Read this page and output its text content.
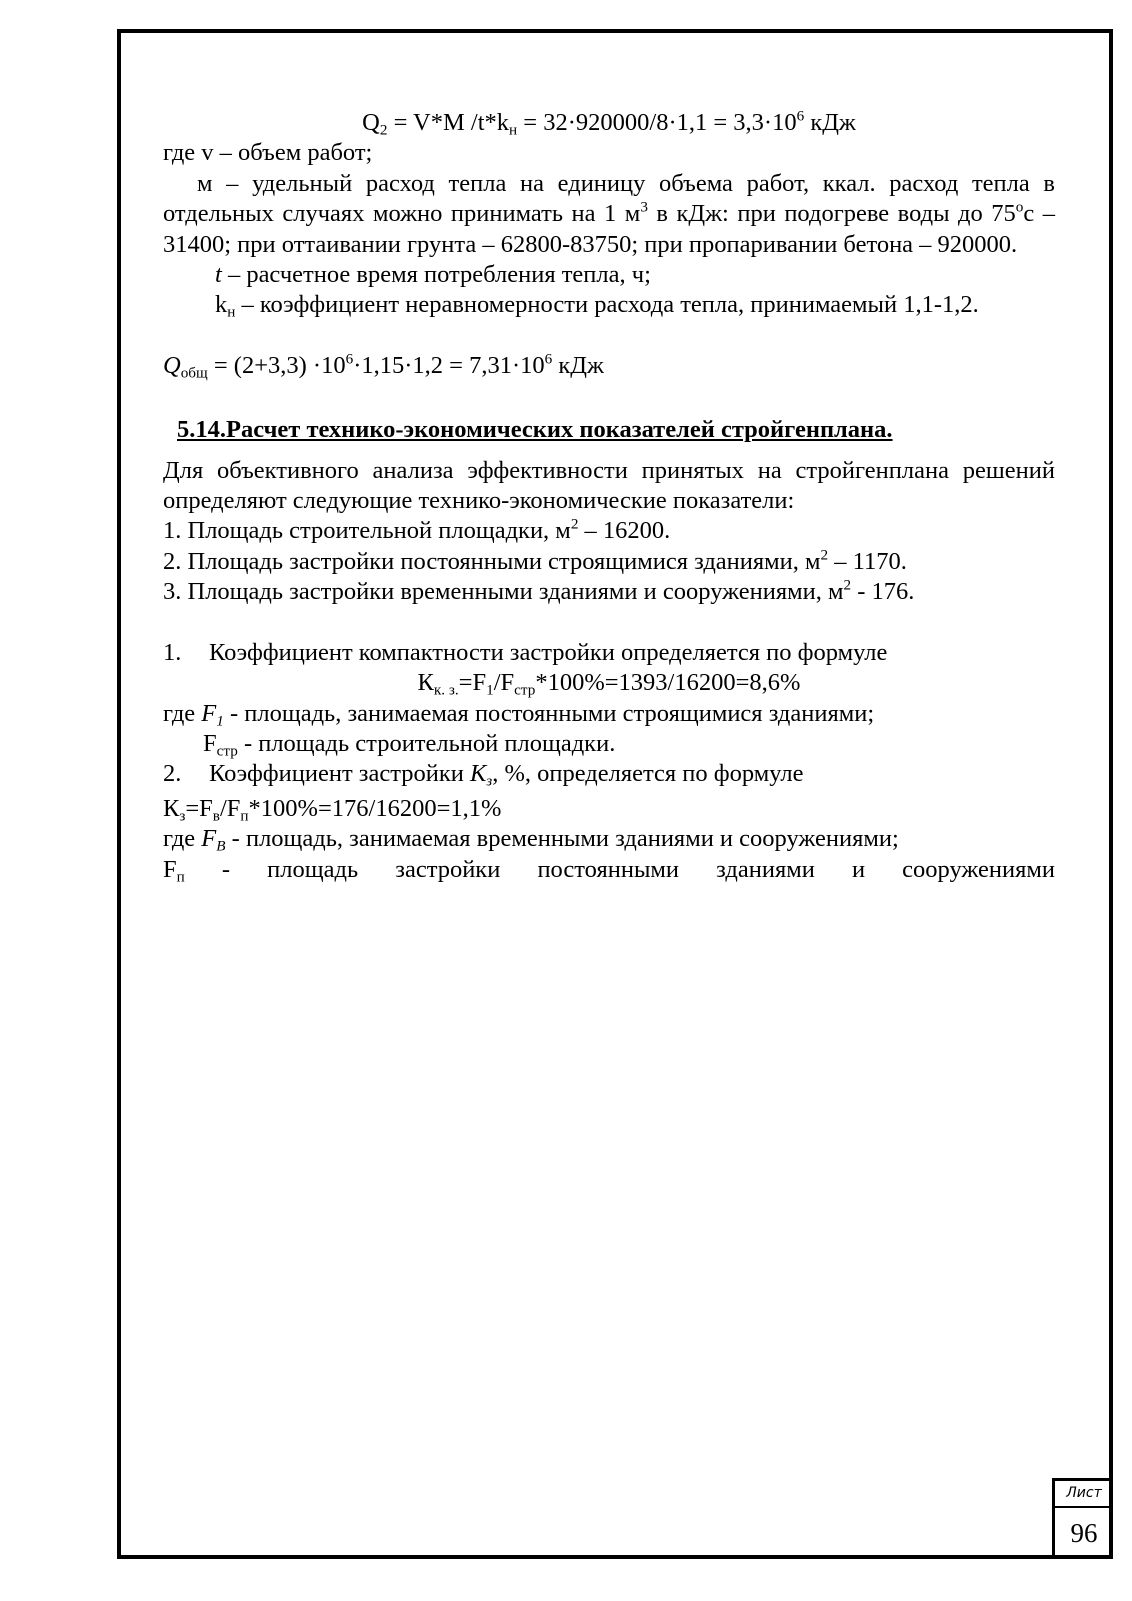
$Q_2 = V*M$ $/t*k_н = 32\cdot 920000/8\cdot 1,1 = 3,3\cdot 10^6$ кДж

где v – объем работ;

м – удельный расход тепла на единицу объема работ, ккал. расход тепла в отдельных случаях можно принимать на 1 $м^3$ в кДж: при подогреве воды до $75^ос - 31400$; при оттаивании грунта – 62800-83750; при пропаривании бетона – 920000.

t – расчетное время потребления тепла, ч;

$k_н$ – коэффициент неравномерности расхода тепла, принимаемый 1,1-1,2.

$Q_{общ} = (2+3,3) \cdot 10^6\cdot 1,15\cdot 1,2 = 7,31\cdot 10^6$ кДж

5.14.Расчет технико-экономических показателей стройгенплана.

Для объективного анализа эффективности принятых на стройгенплана решений определяют следующие технико-экономические показатели:

1. Площадь строительной площадки, $м^2 - 16200$.

2. Площадь застройки постоянными строящимися зданиями, $м^2 - 1170$.

3. Площадь застройки временными зданиями и сооружениями, $м^2 - 176$.

1.	Коэффициент компактности застройки определяется по формуле

$К_{к. з.}=F_1/F_{стр}*100\%=1393/16200=8,6\%$

где $F_1$ - площадь, занимаемая постоянными строящимися зданиями;

$F_{стр}$ - площадь строительной площадки.

2.	Коэффициент застройки $К_з$, %, определяется по формуле

$К_з=F_в/F_п*100\%=176/16200=1,1\%$

где $F_B$ - площадь, занимаемая временными зданиями и сооружениями;

$F_п$ - площадь застройки постоянными зданиями и сооружениями

Лист
96
